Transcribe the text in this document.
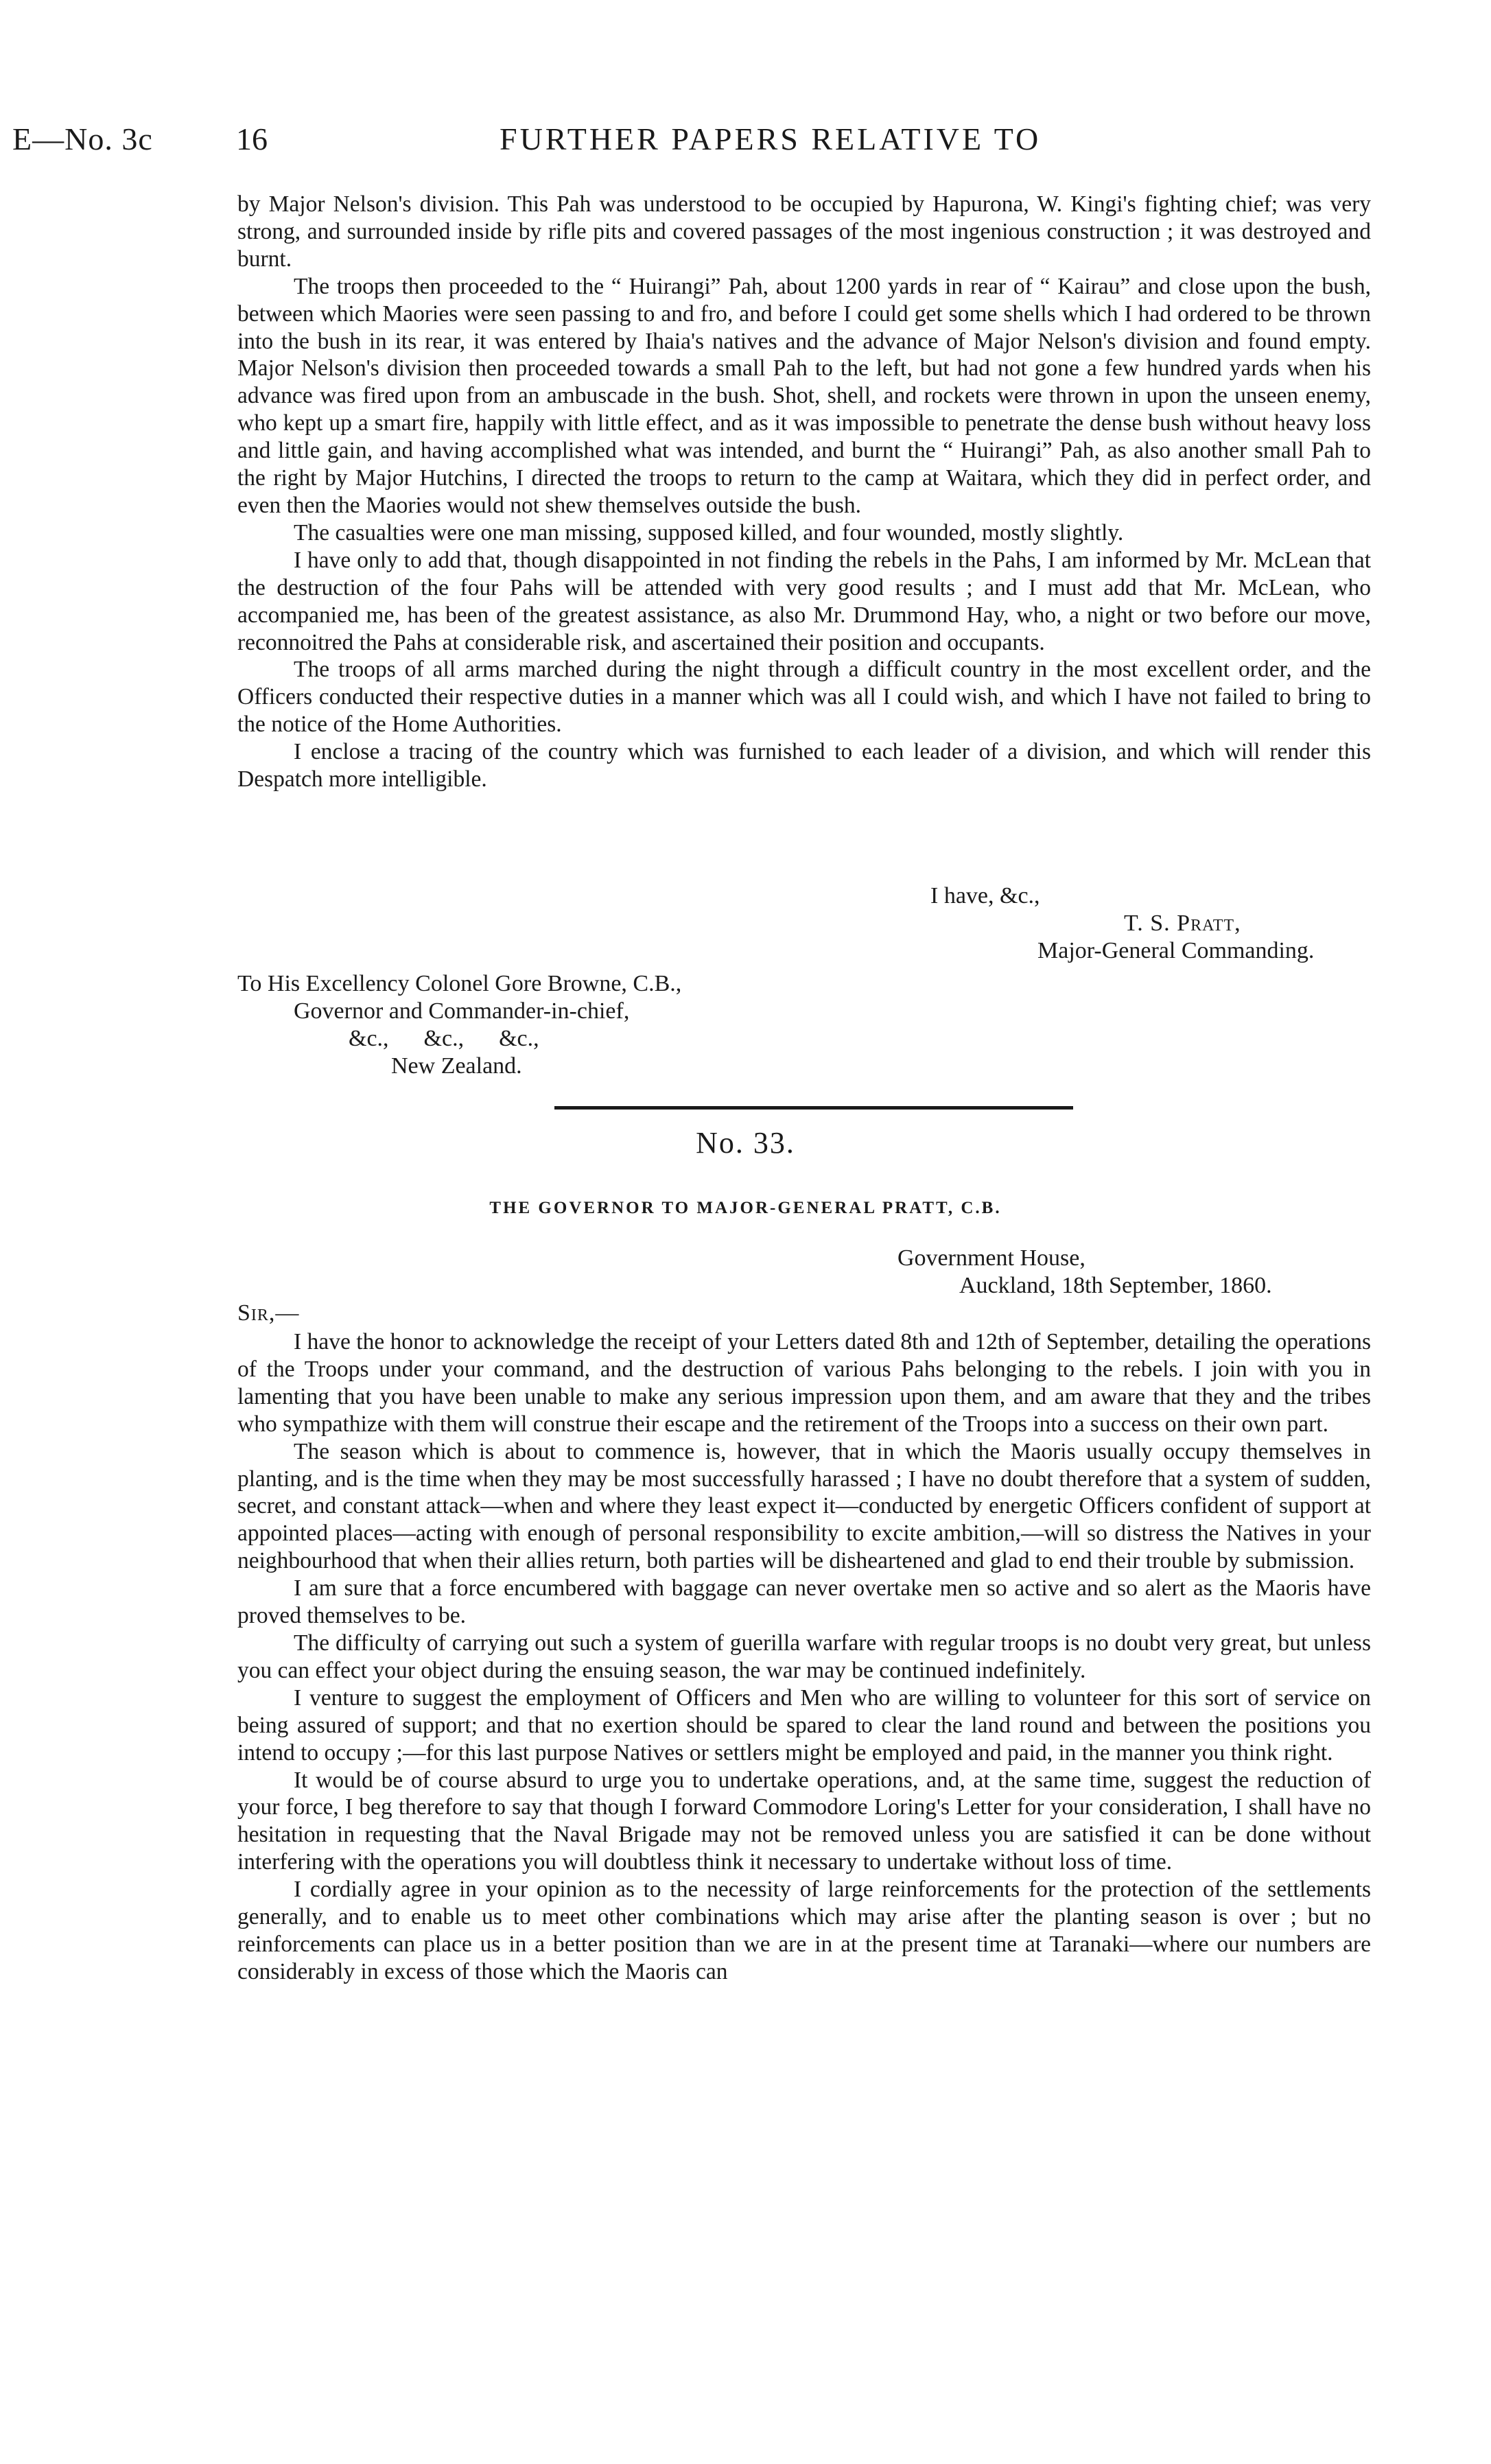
E—No. 3c	16	FURTHER PAPERS RELATIVE TO

by Major Nelson's division. This Pah was understood to be occupied by Hapurona, W. Kingi's fighting chief; was very strong, and surrounded inside by rifle pits and covered passages of the most ingenious construction ; it was destroyed and burnt.

The troops then proceeded to the “ Huirangi” Pah, about 1200 yards in rear of “ Kairau” and close upon the bush, between which Maories were seen passing to and fro, and before I could get some shells which I had ordered to be thrown into the bush in its rear, it was entered by Ihaia's natives and the advance of Major Nelson's division and found empty. Major Nelson's division then proceeded towards a small Pah to the left, but had not gone a few hundred yards when his advance was fired upon from an ambuscade in the bush. Shot, shell, and rockets were thrown in upon the unseen enemy, who kept up a smart fire, happily with little effect, and as it was impossible to penetrate the dense bush without heavy loss and little gain, and having accomplished what was intended, and burnt the “ Huirangi” Pah, as also another small Pah to the right by Major Hutchins, I directed the troops to return to the camp at Waitara, which they did in perfect order, and even then the Maories would not shew themselves outside the bush.

The casualties were one man missing, supposed killed, and four wounded, mostly slightly.

I have only to add that, though disappointed in not finding the rebels in the Pahs, I am informed by Mr. McLean that the destruction of the four Pahs will be attended with very good results ; and I must add that Mr. McLean, who accompanied me, has been of the greatest assistance, as also Mr. Drummond Hay, who, a night or two before our move, reconnoitred the Pahs at considerable risk, and ascertained their position and occupants.

The troops of all arms marched during the night through a difficult country in the most excellent order, and the Officers conducted their respective duties in a manner which was all I could wish, and which I have not failed to bring to the notice of the Home Authorities.

I enclose a tracing of the country which was furnished to each leader of a division, and which will render this Despatch more intelligible.

I have, &c.,
T. S. Pratt,
Major-General Commanding.
To His Excellency Colonel Gore Browne, C.B.,
Governor and Commander-in-chief,
&c.,      &c.,      &c.,
New Zealand.
No. 33.
THE GOVERNOR TO MAJOR-GENERAL PRATT, C.B.
Government House,
Auckland, 18th September, 1860.
Sir,—

I have the honor to acknowledge the receipt of your Letters dated 8th and 12th of September, detailing the operations of the Troops under your command, and the destruction of various Pahs belonging to the rebels. I join with you in lamenting that you have been unable to make any serious impression upon them, and am aware that they and the tribes who sympathize with them will construe their escape and the retirement of the Troops into a success on their own part.

The season which is about to commence is, however, that in which the Maoris usually occupy themselves in planting, and is the time when they may be most successfully harassed ; I have no doubt therefore that a system of sudden, secret, and constant attack—when and where they least expect it—conducted by energetic Officers confident of support at appointed places—acting with enough of personal responsibility to excite ambition,—will so distress the Natives in your neighbourhood that when their allies return, both parties will be disheartened and glad to end their trouble by submission.

I am sure that a force encumbered with baggage can never overtake men so active and so alert as the Maoris have proved themselves to be.

The difficulty of carrying out such a system of guerilla warfare with regular troops is no doubt very great, but unless you can effect your object during the ensuing season, the war may be continued indefinitely.

I venture to suggest the employment of Officers and Men who are willing to volunteer for this sort of service on being assured of support; and that no exertion should be spared to clear the land round and between the positions you intend to occupy ;—for this last purpose Natives or settlers might be employed and paid, in the manner you think right.

It would be of course absurd to urge you to undertake operations, and, at the same time, suggest the reduction of your force, I beg therefore to say that though I forward Commodore Loring's Letter for your consideration, I shall have no hesitation in requesting that the Naval Brigade may not be removed unless you are satisfied it can be done without interfering with the operations you will doubtless think it necessary to undertake without loss of time.

I cordially agree in your opinion as to the necessity of large reinforcements for the protection of the settlements generally, and to enable us to meet other combinations which may arise after the planting season is over ; but no reinforcements can place us in a better position than we are in at the present time at Taranaki—where our numbers are considerably in excess of those which the Maoris can
